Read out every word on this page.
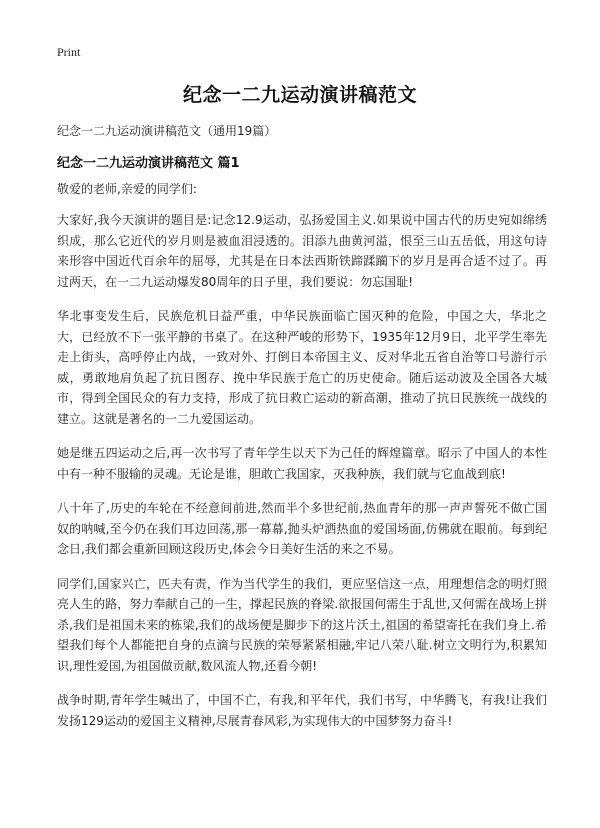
Print
纪念一二九运动演讲稿范文
纪念一二九运动演讲稿范文（通用19篇）
纪念一二九运动演讲稿范文 篇1
敬爱的老师,亲爱的同学们:

大家好,我今天演讲的题目是:记念12.9运动，弘扬爱国主义.如果说中国古代的历史宛如绵绣织成，那么它近代的岁月则是被血泪浸透的。泪添九曲黄河溢，恨至三山五岳低，用这句诗来形容中国近代百余年的屈辱，尤其是在日本法西斯铁蹄蹂躏下的岁月是再合适不过了。再过两天，在一二九运动爆发80周年的日子里，我们要说：勿忘国耻!

华北事变发生后，民族危机日益严重，中华民族面临亡国灭种的危险，中国之大，华北之大，已经放不下一张平静的书桌了。在这种严峻的形势下，1935年12月9日，北平学生率先走上街头，高呼停止内战，一致对外、打倒日本帝国主义、反对华北五省自治等口号游行示威，勇敢地肩负起了抗日图存、挽中华民族于危亡的历史使命。随后运动波及全国各大城市，得到全国民众的有力支持，形成了抗日救亡运动的新高潮，推动了抗日民族统一战线的建立。这就是著名的一二九爱国运动。

她是继五四运动之后,再一次书写了青年学生以天下为己任的辉煌篇章。昭示了中国人的本性中有一种不服输的灵魂。无论是谁，胆敢亡我国家，灭我种族，我们就与它血战到底!

八十年了,历史的车轮在不经意间前进,然而半个多世纪前,热血青年的那一声声誓死不做亡国奴的呐喊,至今仍在我们耳边回荡,那一幕幕,抛头炉洒热血的爱国场面,仿佛就在眼前。每到纪念日,我们都会重新回顾这段历史,体会今日美好生活的来之不易。

同学们,国家兴亡，匹夫有责，作为当代学生的我们，更应坚信这一点，用理想信念的明灯照亮人生的路，努力奉献自己的一生，撑起民族的脊梁.欲报国何需生于乱世,又何需在战场上拼杀,我们是祖国未来的栋梁,我们的战场便是脚步下的这片沃土,祖国的希望寄托在我们身上.希望我们每个人都能把自身的点滴与民族的荣辱紧紧相融,牢记八荣八耻.树立文明行为,积累知识,理性爱国,为祖国做贡献,数风流人物,还看今朝!

战争时期,青年学生喊出了，中国不亡，有我,和平年代，我们书写，中华腾飞，有我!让我们发扬129运动的爱国主义精神,尽展青春风彩,为实现伟大的中国梦努力奋斗!
